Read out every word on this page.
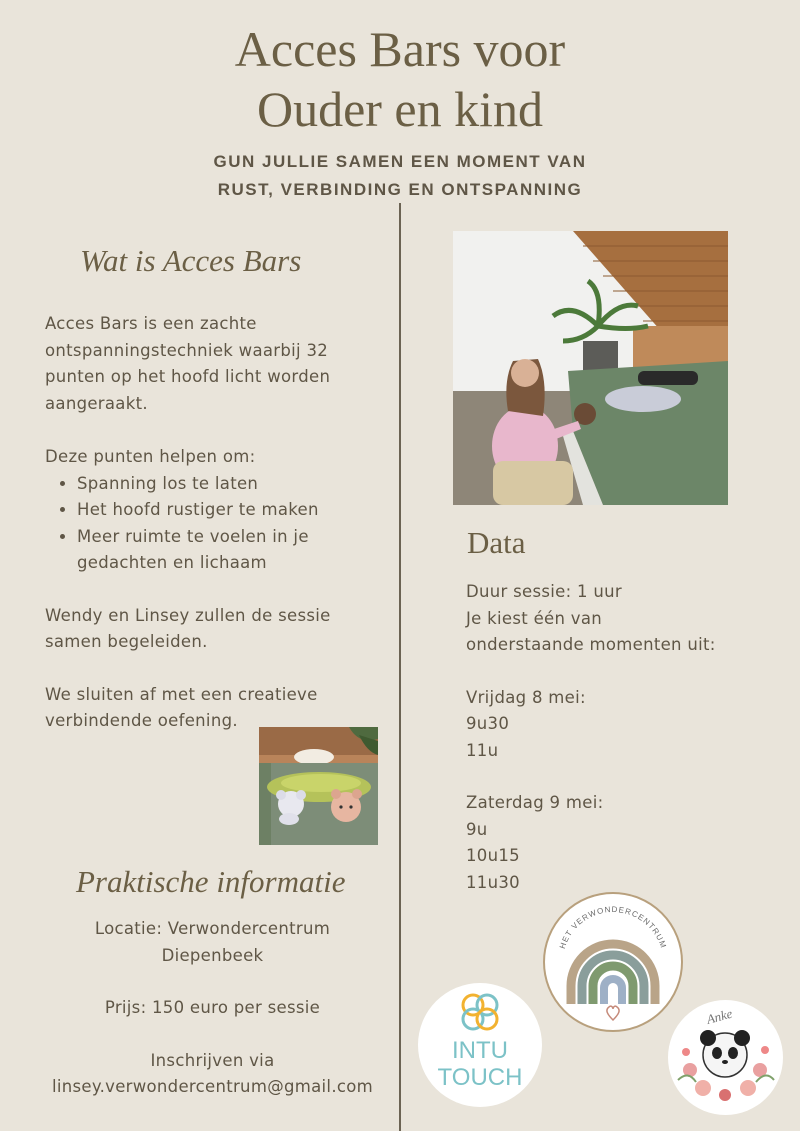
Acces Bars voor
Ouder en kind
GUN JULLIE SAMEN EEN MOMENT VAN
RUST, VERBINDING EN ONTSPANNING
Wat is Acces Bars

Acces Bars is een zachte ontspanningstechniek waarbij 32 punten op het hoofd licht worden aangeraakt.

Deze punten helpen om:

• Spanning los te laten
• Het hoofd rustiger te maken
• Meer ruimte te voelen in je gedachten en lichaam

Wendy en Linsey zullen de sessie samen begeleiden.

We sluiten af met een creatieve verbindende oefening.

Praktische informatie

Locatie: Verwondercentrum

Diepenbeek

Prijs: 150 euro per sessie

Inschrijven via

linsey.verwondercentrum@gmail.com

Data

Duur sessie: 1 uur

Je kiest één van

onderstaande momenten uit:

Vrijdag 8 mei:

9u30

11u

Zaterdag 9 mei:

9u

10u15

11u30

HET VERWONDERCENTRUM
INTU
TOUCH
Anke
